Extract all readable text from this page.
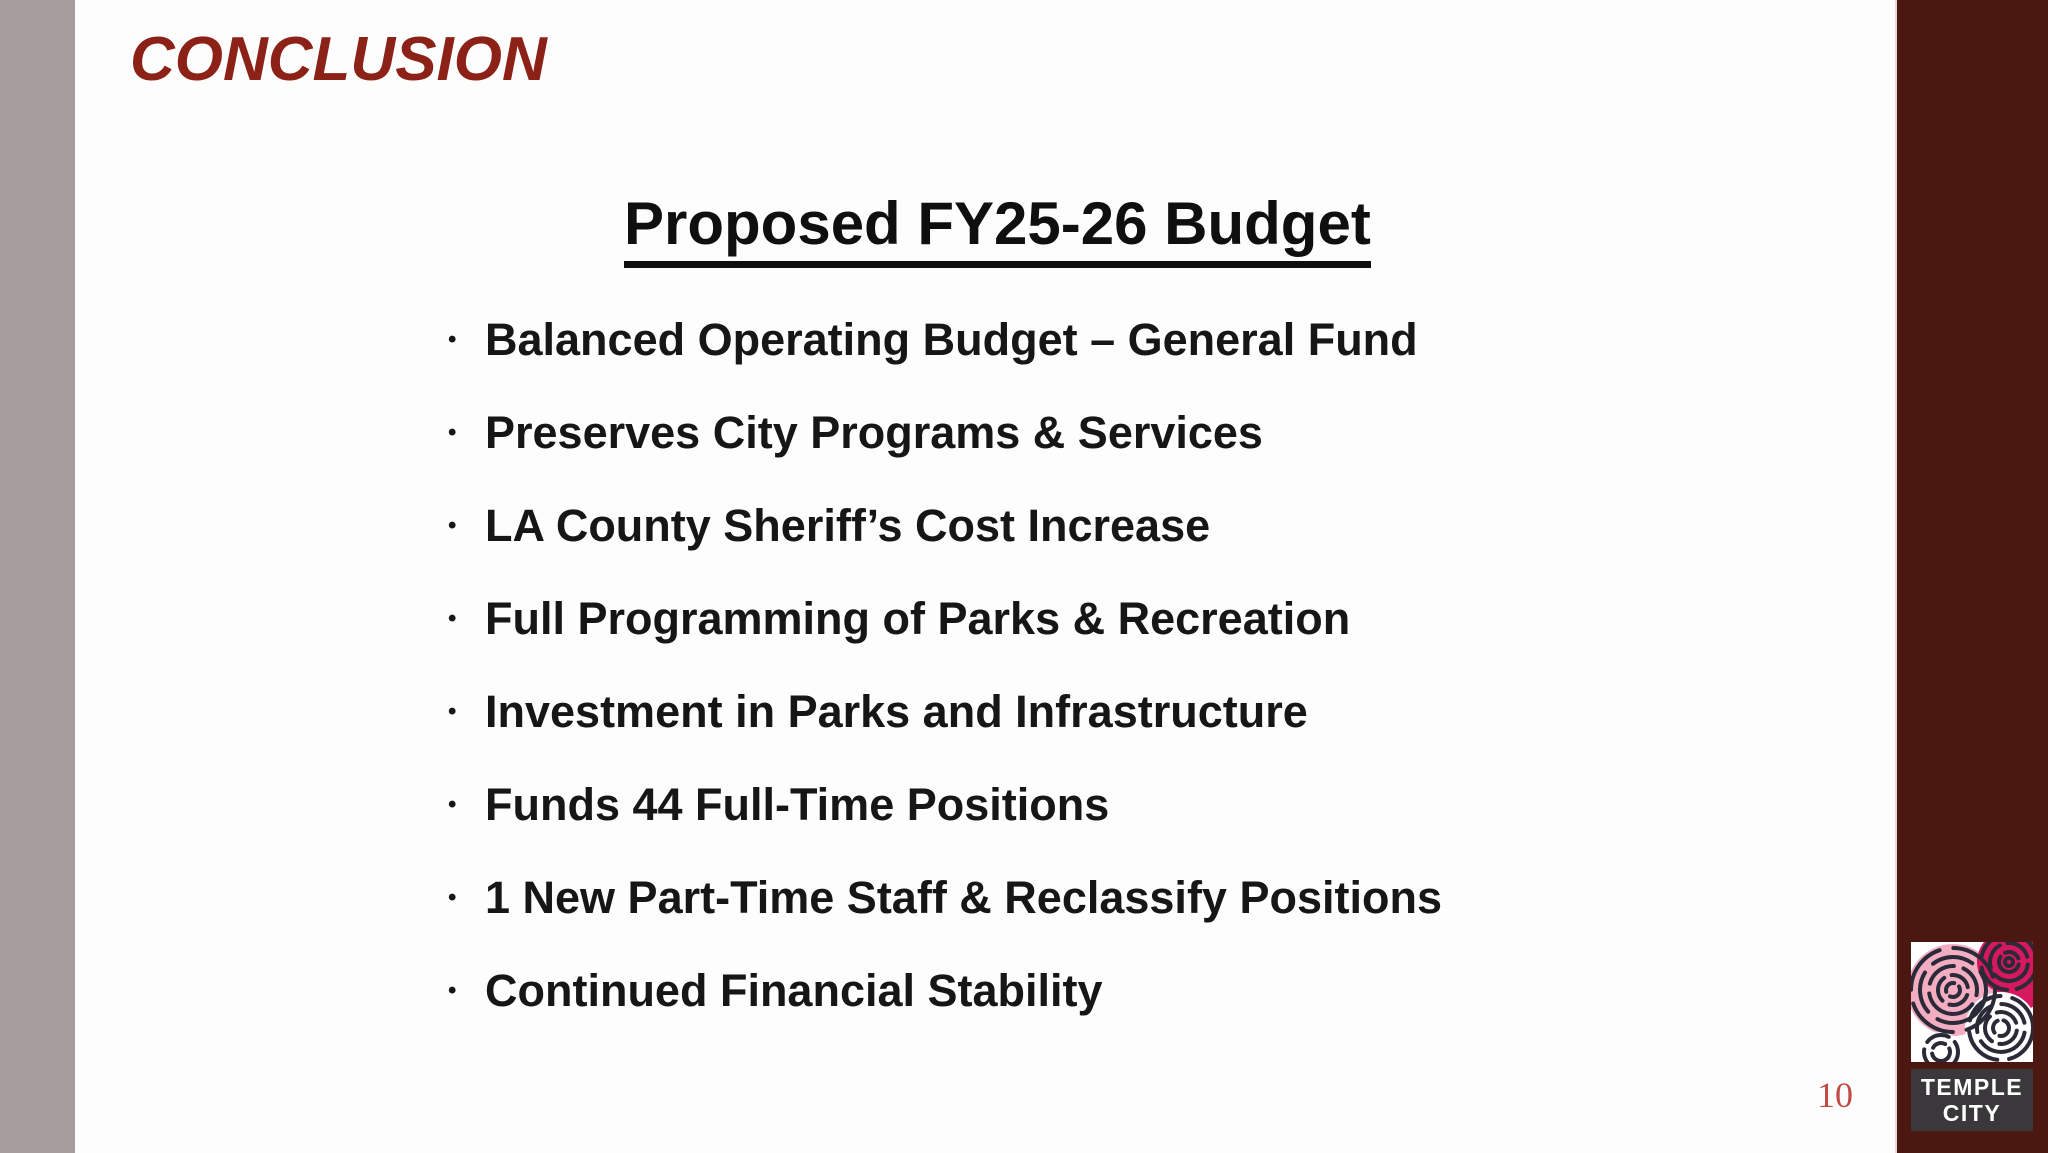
CONCLUSION
Proposed FY25-26 Budget
• Balanced Operating Budget – General Fund
• Preserves City Programs & Services
• LA County Sheriff’s Cost Increase
• Full Programming of Parks & Recreation
• Investment in Parks and Infrastructure
• Funds 44 Full-Time Positions
• 1 New Part-Time Staff & Reclassify Positions
• Continued Financial Stability
10	TEMPLE
CITY
